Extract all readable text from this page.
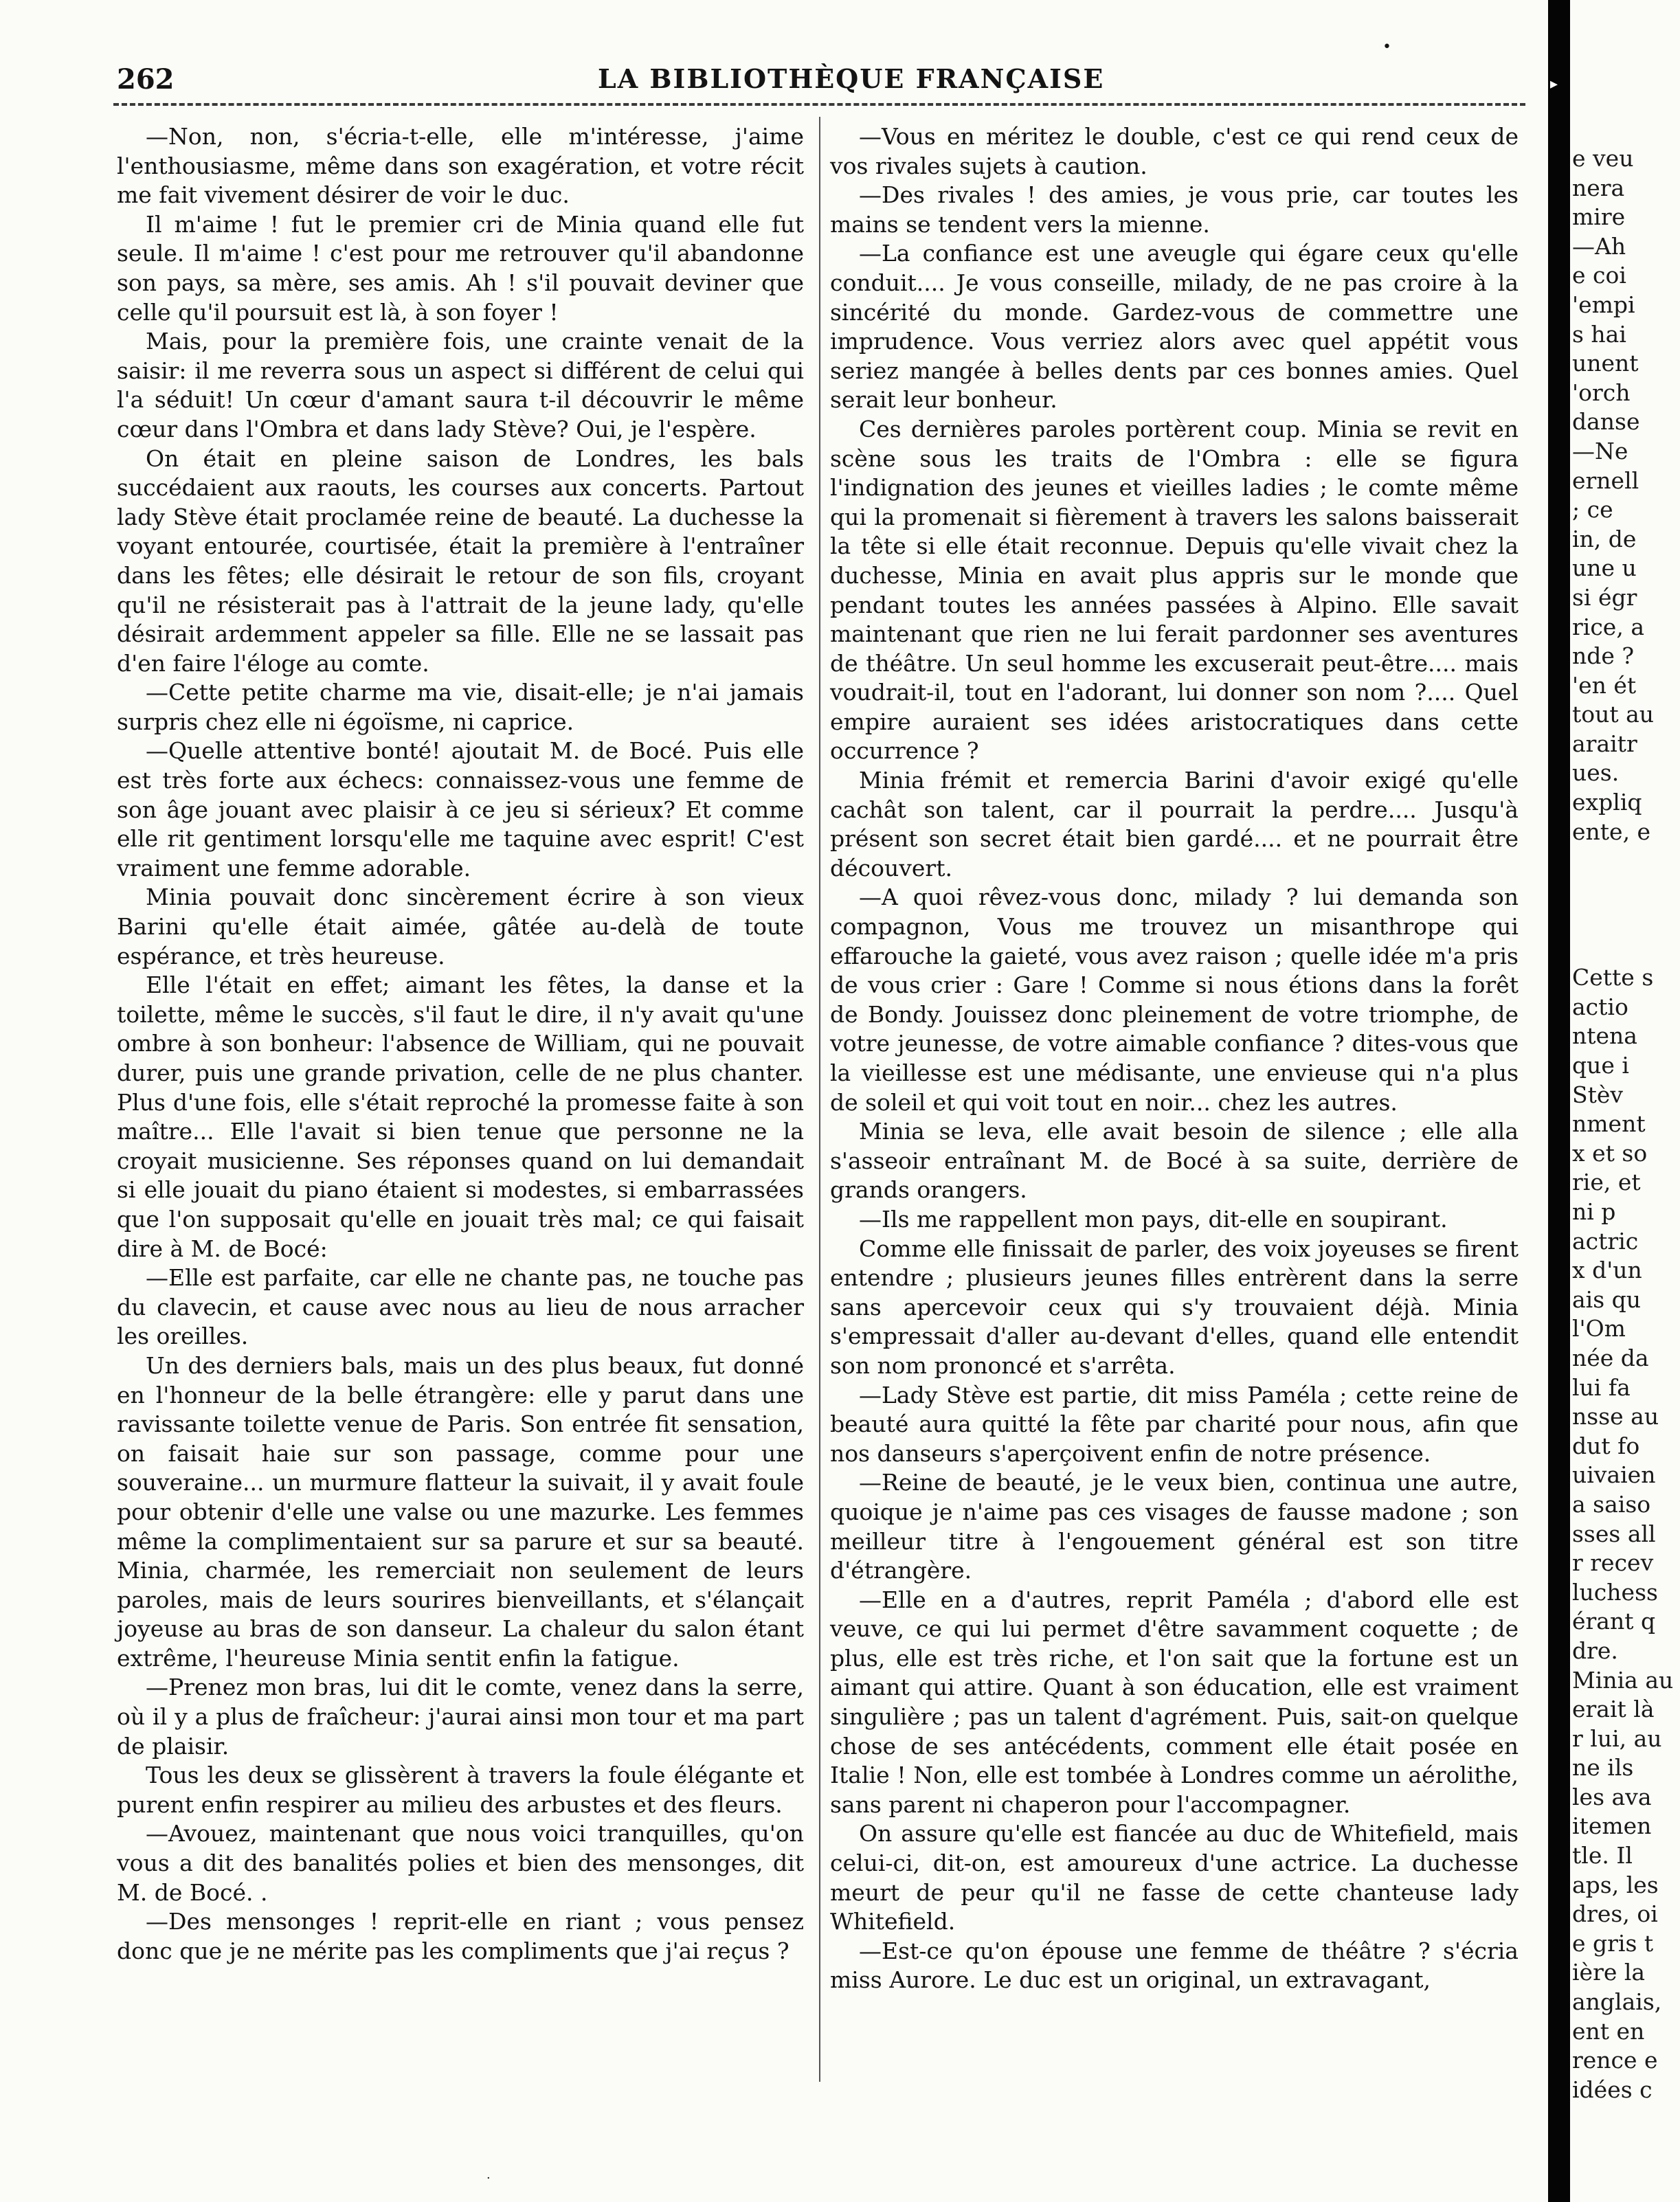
262	LA BIBLIOTHÈQUE FRANÇAISE

—Non, non, s'écria-t-elle, elle m'intéresse, j'aime l'enthousiasme, même dans son exagération, et votre récit me fait vivement désirer de voir le duc.

Il m'aime ! fut le premier cri de Minia quand elle fut seule. Il m'aime ! c'est pour me retrouver qu'il abandonne son pays, sa mère, ses amis. Ah ! s'il pouvait deviner que celle qu'il poursuit est là, à son foyer !

Mais, pour la première fois, une crainte venait de la saisir: il me reverra sous un aspect si différent de celui qui l'a séduit! Un cœur d'amant saura t-il découvrir le même cœur dans l'Ombra et dans lady Stève? Oui, je l'espère.

On était en pleine saison de Londres, les bals succédaient aux raouts, les courses aux concerts. Partout lady Stève était proclamée reine de beauté. La duchesse la voyant entourée, courtisée, était la première à l'entraîner dans les fêtes; elle désirait le retour de son fils, croyant qu'il ne résisterait pas à l'attrait de la jeune lady, qu'elle désirait ardemment appeler sa fille. Elle ne se lassait pas d'en faire l'éloge au comte.

—Cette petite charme ma vie, disait-elle; je n'ai jamais surpris chez elle ni égoïsme, ni caprice.

—Quelle attentive bonté! ajoutait M. de Bocé. Puis elle est très forte aux échecs: connaissez-vous une femme de son âge jouant avec plaisir à ce jeu si sérieux? Et comme elle rit gentiment lorsqu'elle me taquine avec esprit! C'est vraiment une femme adorable.

Minia pouvait donc sincèrement écrire à son vieux Barini qu'elle était aimée, gâtée au-delà de toute espérance, et très heureuse.

Elle l'était en effet; aimant les fêtes, la danse et la toilette, même le succès, s'il faut le dire, il n'y avait qu'une ombre à son bonheur: l'absence de William, qui ne pouvait durer, puis une grande privation, celle de ne plus chanter. Plus d'une fois, elle s'était reproché la promesse faite à son maître... Elle l'avait si bien tenue que personne ne la croyait musicienne. Ses réponses quand on lui demandait si elle jouait du piano étaient si modestes, si embarrassées que l'on supposait qu'elle en jouait très mal; ce qui faisait dire à M. de Bocé:

—Elle est parfaite, car elle ne chante pas, ne touche pas du clavecin, et cause avec nous au lieu de nous arracher les oreilles.

Un des derniers bals, mais un des plus beaux, fut donné en l'honneur de la belle étrangère: elle y parut dans une ravissante toilette venue de Paris. Son entrée fit sensation, on faisait haie sur son passage, comme pour une souveraine... un murmure flatteur la suivait, il y avait foule pour obtenir d'elle une valse ou une mazurke. Les femmes même la complimentaient sur sa parure et sur sa beauté. Minia, charmée, les remerciait non seulement de leurs paroles, mais de leurs sourires bienveillants, et s'élançait joyeuse au bras de son danseur. La chaleur du salon étant extrême, l'heureuse Minia sentit enfin la fatigue.

—Prenez mon bras, lui dit le comte, venez dans la serre, où il y a plus de fraîcheur: j'aurai ainsi mon tour et ma part de plaisir.

Tous les deux se glissèrent à travers la foule élégante et purent enfin respirer au milieu des arbustes et des fleurs.

—Avouez, maintenant que nous voici tranquilles, qu'on vous a dit des banalités polies et bien des mensonges, dit M. de Bocé. .

—Des mensonges ! reprit-elle en riant ; vous pensez donc que je ne mérite pas les compliments que j'ai reçus ?

—Vous en méritez le double, c'est ce qui rend ceux de vos rivales sujets à caution.

—Des rivales ! des amies, je vous prie, car toutes les mains se tendent vers la mienne.

—La confiance est une aveugle qui égare ceux qu'elle conduit.... Je vous conseille, milady, de ne pas croire à la sincérité du monde. Gardez-vous de commettre une imprudence. Vous verriez alors avec quel appétit vous seriez mangée à belles dents par ces bonnes amies. Quel serait leur bonheur.

Ces dernières paroles portèrent coup. Minia se revit en scène sous les traits de l'Ombra : elle se figura l'indignation des jeunes et vieilles ladies ; le comte même qui la promenait si fièrement à travers les salons baisserait la tête si elle était reconnue. Depuis qu'elle vivait chez la duchesse, Minia en avait plus appris sur le monde que pendant toutes les années passées à Alpino. Elle savait maintenant que rien ne lui ferait pardonner ses aventures de théâtre. Un seul homme les excuserait peut-être.... mais voudrait-il, tout en l'adorant, lui donner son nom ?.... Quel empire auraient ses idées aristocratiques dans cette occurrence ?

Minia frémit et remercia Barini d'avoir exigé qu'elle cachât son talent, car il pourrait la perdre.... Jusqu'à présent son secret était bien gardé.... et ne pourrait être découvert.

—A quoi rêvez-vous donc, milady ? lui demanda son compagnon, Vous me trouvez un misanthrope qui effarouche la gaieté, vous avez raison ; quelle idée m'a pris de vous crier : Gare ! Comme si nous étions dans la forêt de Bondy. Jouissez donc pleinement de votre triomphe, de votre jeunesse, de votre aimable confiance ? dites-vous que la vieillesse est une médisante, une envieuse qui n'a plus de soleil et qui voit tout en noir... chez les autres.

Minia se leva, elle avait besoin de silence ; elle alla s'asseoir entraînant M. de Bocé à sa suite, derrière de grands orangers.

—Ils me rappellent mon pays, dit-elle en soupirant.

Comme elle finissait de parler, des voix joyeuses se firent entendre ; plusieurs jeunes filles entrèrent dans la serre sans apercevoir ceux qui s'y trouvaient déjà. Minia s'empressait d'aller au-devant d'elles, quand elle entendit son nom prononcé et s'arrêta.

—Lady Stève est partie, dit miss Paméla ; cette reine de beauté aura quitté la fête par charité pour nous, afin que nos danseurs s'aperçoivent enfin de notre présence.

—Reine de beauté, je le veux bien, continua une autre, quoique je n'aime pas ces visages de fausse madone ; son meilleur titre à l'engouement général est son titre d'étrangère.

—Elle en a d'autres, reprit Paméla ; d'abord elle est veuve, ce qui lui permet d'être savamment coquette ; de plus, elle est très riche, et l'on sait que la fortune est un aimant qui attire. Quant à son éducation, elle est vraiment singulière ; pas un talent d'agrément. Puis, sait-on quelque chose de ses antécédents, comment elle était posée en Italie ! Non, elle est tombée à Londres comme un aérolithe, sans parent ni chaperon pour l'accompagner.

On assure qu'elle est fiancée au duc de Whitefield, mais celui-ci, dit-on, est amoureux d'une actrice. La duchesse meurt de peur qu'il ne fasse de cette chanteuse lady Whitefield.

—Est-ce qu'on épouse une femme de théâtre ? s'écria miss Aurore. Le duc est un original, un extravagant,

▸
•
·
e veu
nera
mire
—Ah
e coi
'empi
s hai
unent
'orch
danse
—Ne
ernell
; ce
in, de
une u
si égr
rice, a
nde ?
'en ét
tout au
araitr
ues.
expliq
ente, e
Cette s
actio
ntena
que i
Stèv
nment
x et so
rie, et
ni p
actric
x d'un
ais qu
l'Om
née da
lui fa
nsse au
dut fo
uivaien
a saiso
sses all
r recev
luchess
érant q
dre.
Minia au
erait là
r lui, au
ne ils
les ava
itemen
tle. Il
aps, les
dres, oi
e gris t
ière la
anglais,
ent en
rence e
idées c
